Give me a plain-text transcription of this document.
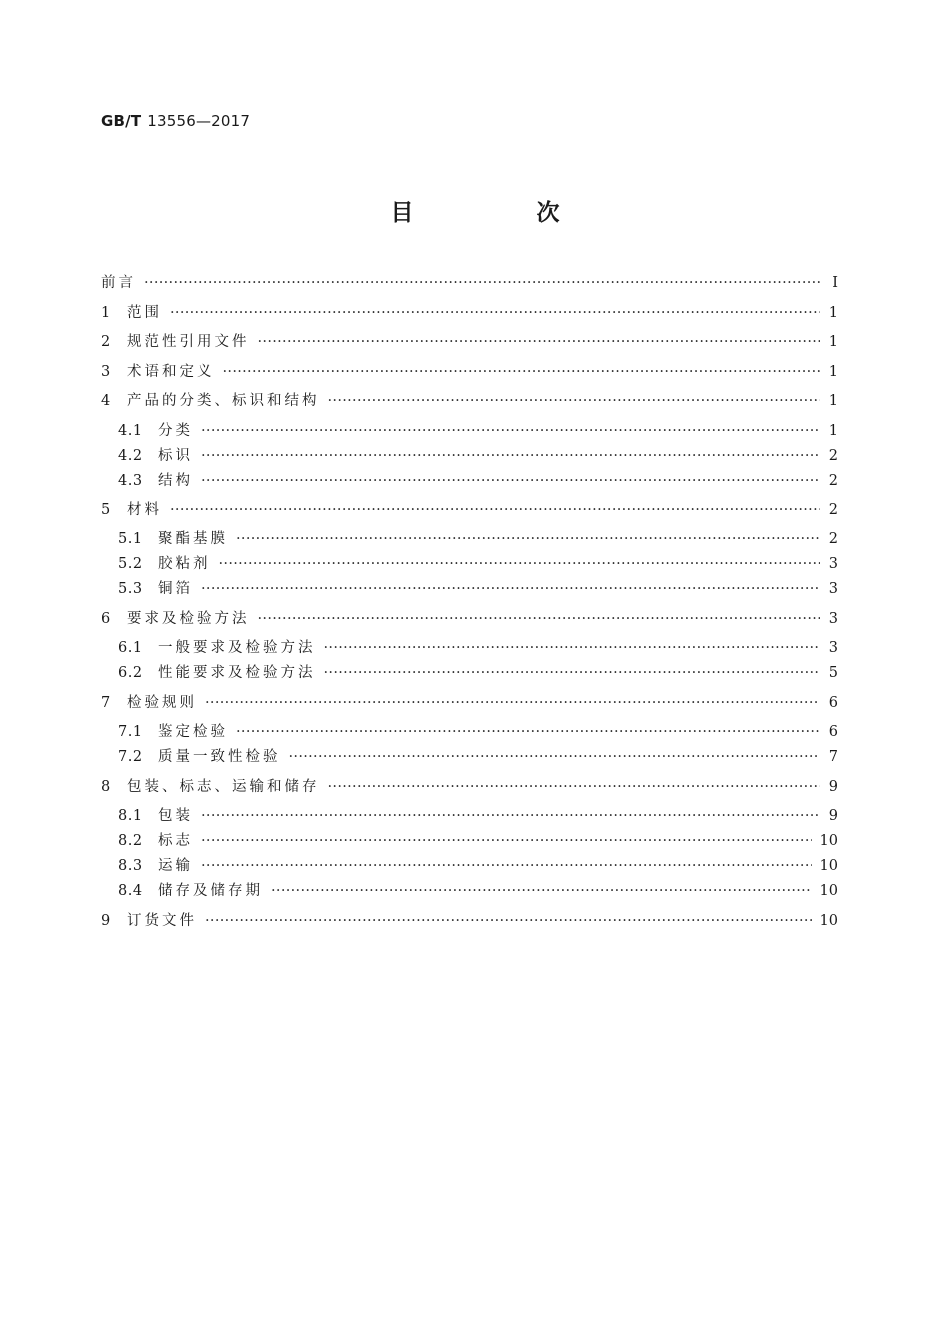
GB/T 13556—2017
目　次
前言 ·····	Ⅰ
1	范围 ·····	1
2	规范性引用文件 ·····	1
3	术语和定义 ·····	1
4	产品的分类、标识和结构 ·····	1
4.1	分类 ·····	1
4.2	标识 ·····	2
4.3	结构 ·····	2
5	材料 ·····	2
5.1	聚酯基膜 ·····	2
5.2	胶粘剂 ·····	3
5.3	铜箔 ·····	3
6	要求及检验方法 ·····	3
6.1	一般要求及检验方法 ·····	3
6.2	性能要求及检验方法 ·····	5
7	检验规则 ·····	6
7.1	鉴定检验 ·····	6
7.2	质量一致性检验 ·····	7
8	包装、标志、运输和储存 ·····	9
8.1	包装 ·····	9
8.2	标志 ·····	10
8.3	运输 ·····	10
8.4	储存及储存期 ·····	10
9	订货文件 ·····	10
